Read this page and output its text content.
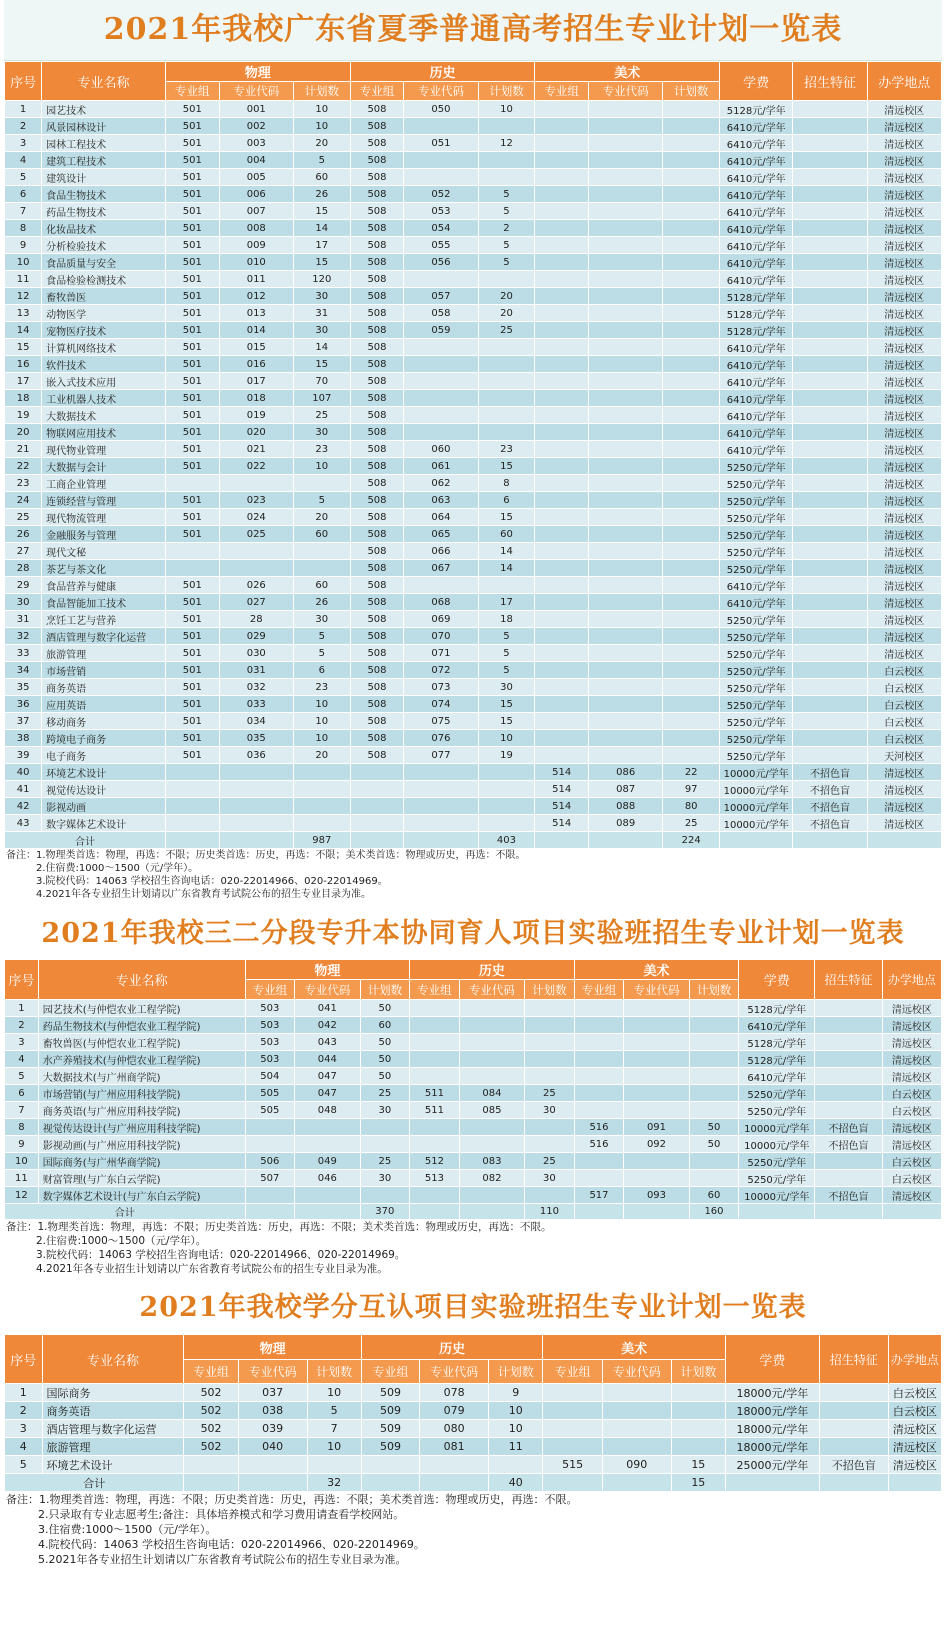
2021年我校广东省夏季普通高考招生专业计划一览表
序号	专业名称	物理			历史			美术			学费	招生特征	办学地点
		专业组	专业代码	计划数	专业组	专业代码	计划数	专业组	专业代码	计划数			
1	园艺技术	501	001	10	508	050	10				5128元/学年		清远校区
2	风景园林设计	501	002	10	508						6410元/学年		清远校区
3	园林工程技术	501	003	20	508	051	12				6410元/学年		清远校区
4	建筑工程技术	501	004	5	508						6410元/学年		清远校区
5	建筑设计	501	005	60	508						6410元/学年		清远校区
6	食品生物技术	501	006	26	508	052	5				6410元/学年		清远校区
7	药品生物技术	501	007	15	508	053	5				6410元/学年		清远校区
8	化妆品技术	501	008	14	508	054	2				6410元/学年		清远校区
9	分析检验技术	501	009	17	508	055	5				6410元/学年		清远校区
10	食品质量与安全	501	010	15	508	056	5				6410元/学年		清远校区
11	食品检验检测技术	501	011	120	508						6410元/学年		清远校区
12	畜牧兽医	501	012	30	508	057	20				5128元/学年		清远校区
13	动物医学	501	013	31	508	058	20				5128元/学年		清远校区
14	宠物医疗技术	501	014	30	508	059	25				5128元/学年		清远校区
15	计算机网络技术	501	015	14	508						6410元/学年		清远校区
16	软件技术	501	016	15	508						6410元/学年		清远校区
17	嵌入式技术应用	501	017	70	508						6410元/学年		清远校区
18	工业机器人技术	501	018	107	508						6410元/学年		清远校区
19	大数据技术	501	019	25	508						6410元/学年		清远校区
20	物联网应用技术	501	020	30	508						6410元/学年		清远校区
21	现代物业管理	501	021	23	508	060	23				6410元/学年		清远校区
22	大数据与会计	501	022	10	508	061	15				5250元/学年		清远校区
23	工商企业管理				508	062	8				5250元/学年		清远校区
24	连锁经营与管理	501	023	5	508	063	6				5250元/学年		清远校区
25	现代物流管理	501	024	20	508	064	15				5250元/学年		清远校区
26	金融服务与管理	501	025	60	508	065	60				5250元/学年		清远校区
27	现代文秘				508	066	14				5250元/学年		清远校区
28	茶艺与茶文化				508	067	14				5250元/学年		清远校区
29	食品营养与健康	501	026	60	508						6410元/学年		清远校区
30	食品智能加工技术	501	027	26	508	068	17				6410元/学年		清远校区
31	烹饪工艺与营养	501	28	30	508	069	18				5250元/学年		清远校区
32	酒店管理与数字化运营	501	029	5	508	070	5				5250元/学年		清远校区
33	旅游管理	501	030	5	508	071	5				5250元/学年		清远校区
34	市场营销	501	031	6	508	072	5				5250元/学年		白云校区
35	商务英语	501	032	23	508	073	30				5250元/学年		白云校区
36	应用英语	501	033	10	508	074	15				5250元/学年		白云校区
37	移动商务	501	034	10	508	075	15				5250元/学年		白云校区
38	跨境电子商务	501	035	10	508	076	10				5250元/学年		白云校区
39	电子商务	501	036	20	508	077	19				5250元/学年		天河校区
40	环境艺术设计							514	086	22	10000元/学年	不招色盲	清远校区
41	视觉传达设计							514	087	97	10000元/学年	不招色盲	清远校区
42	影视动画							514	088	80	10000元/学年	不招色盲	清远校区
43	数字媒体艺术设计							514	089	25	10000元/学年	不招色盲	清远校区
合计				987			403			224			
备注：1.物理类首选：物理，再选：不限；历史类首选：历史，再选：不限；美术类首选：物理或历史，再选：不限。
2.住宿费:1000～1500（元/学年）。
3.院校代码：14063 学校招生咨询电话：020-22014966、020-22014969。
4.2021年各专业招生计划请以广东省教育考试院公布的招生专业目录为准。
2021年我校三二分段专升本协同育人项目实验班招生专业计划一览表
序号	专业名称	物理			历史			美术			学费	招生特征	办学地点
		专业组	专业代码	计划数	专业组	专业代码	计划数	专业组	专业代码	计划数			
1	园艺技术(与仲恺农业工程学院)	503	041	50							5128元/学年		清远校区
2	药品生物技术(与仲恺农业工程学院)	503	042	60							6410元/学年		清远校区
3	畜牧兽医(与仲恺农业工程学院)	503	043	50							5128元/学年		清远校区
4	水产养殖技术(与仲恺农业工程学院)	503	044	50							5128元/学年		清远校区
5	大数据技术(与广州商学院)	504	047	50							6410元/学年		清远校区
6	市场营销(与广州应用科技学院)	505	047	25	511	084	25				5250元/学年		白云校区
7	商务英语(与广州应用科技学院)	505	048	30	511	085	30				5250元/学年		白云校区
8	视觉传达设计(与广州应用科技学院)							516	091	50	10000元/学年	不招色盲	清远校区
9	影视动画(与广州应用科技学院)							516	092	50	10000元/学年	不招色盲	清远校区
10	国际商务(与广州华商学院)	506	049	25	512	083	25				5250元/学年		白云校区
11	财富管理(与广东白云学院)	507	046	30	513	082	30				5250元/学年		白云校区
12	数字媒体艺术设计(与广东白云学院)							517	093	60	10000元/学年	不招色盲	清远校区
合计				370			110			160			
备注：1.物理类首选：物理，再选：不限；历史类首选：历史，再选：不限；美术类首选：物理或历史，再选：不限。
2.住宿费:1000～1500（元/学年）。
3.院校代码：14063 学校招生咨询电话：020-22014966、020-22014969。
4.2021年各专业招生计划请以广东省教育考试院公布的招生专业目录为准。
2021年我校学分互认项目实验班招生专业计划一览表
序号	专业名称	物理			历史			美术			学费	招生特征	办学地点
		专业组	专业代码	计划数	专业组	专业代码	计划数	专业组	专业代码	计划数			
1	国际商务	502	037	10	509	078	9				18000元/学年		白云校区
2	商务英语	502	038	5	509	079	10				18000元/学年		白云校区
3	酒店管理与数字化运营	502	039	7	509	080	10				18000元/学年		清远校区
4	旅游管理	502	040	10	509	081	11				18000元/学年		清远校区
5	环境艺术设计							515	090	15	25000元/学年	不招色盲	清远校区
合计				32			40			15			
备注：1.物理类首选：物理，再选：不限；历史类首选：历史，再选：不限；美术类首选：物理或历史，再选：不限。
2.只录取有专业志愿考生;备注：具体培养模式和学习费用请查看学校网站。
3.住宿费:1000～1500（元/学年）。
4.院校代码：14063 学校招生咨询电话：020-22014966、020-22014969。
5.2021年各专业招生计划请以广东省教育考试院公布的招生专业目录为准。
